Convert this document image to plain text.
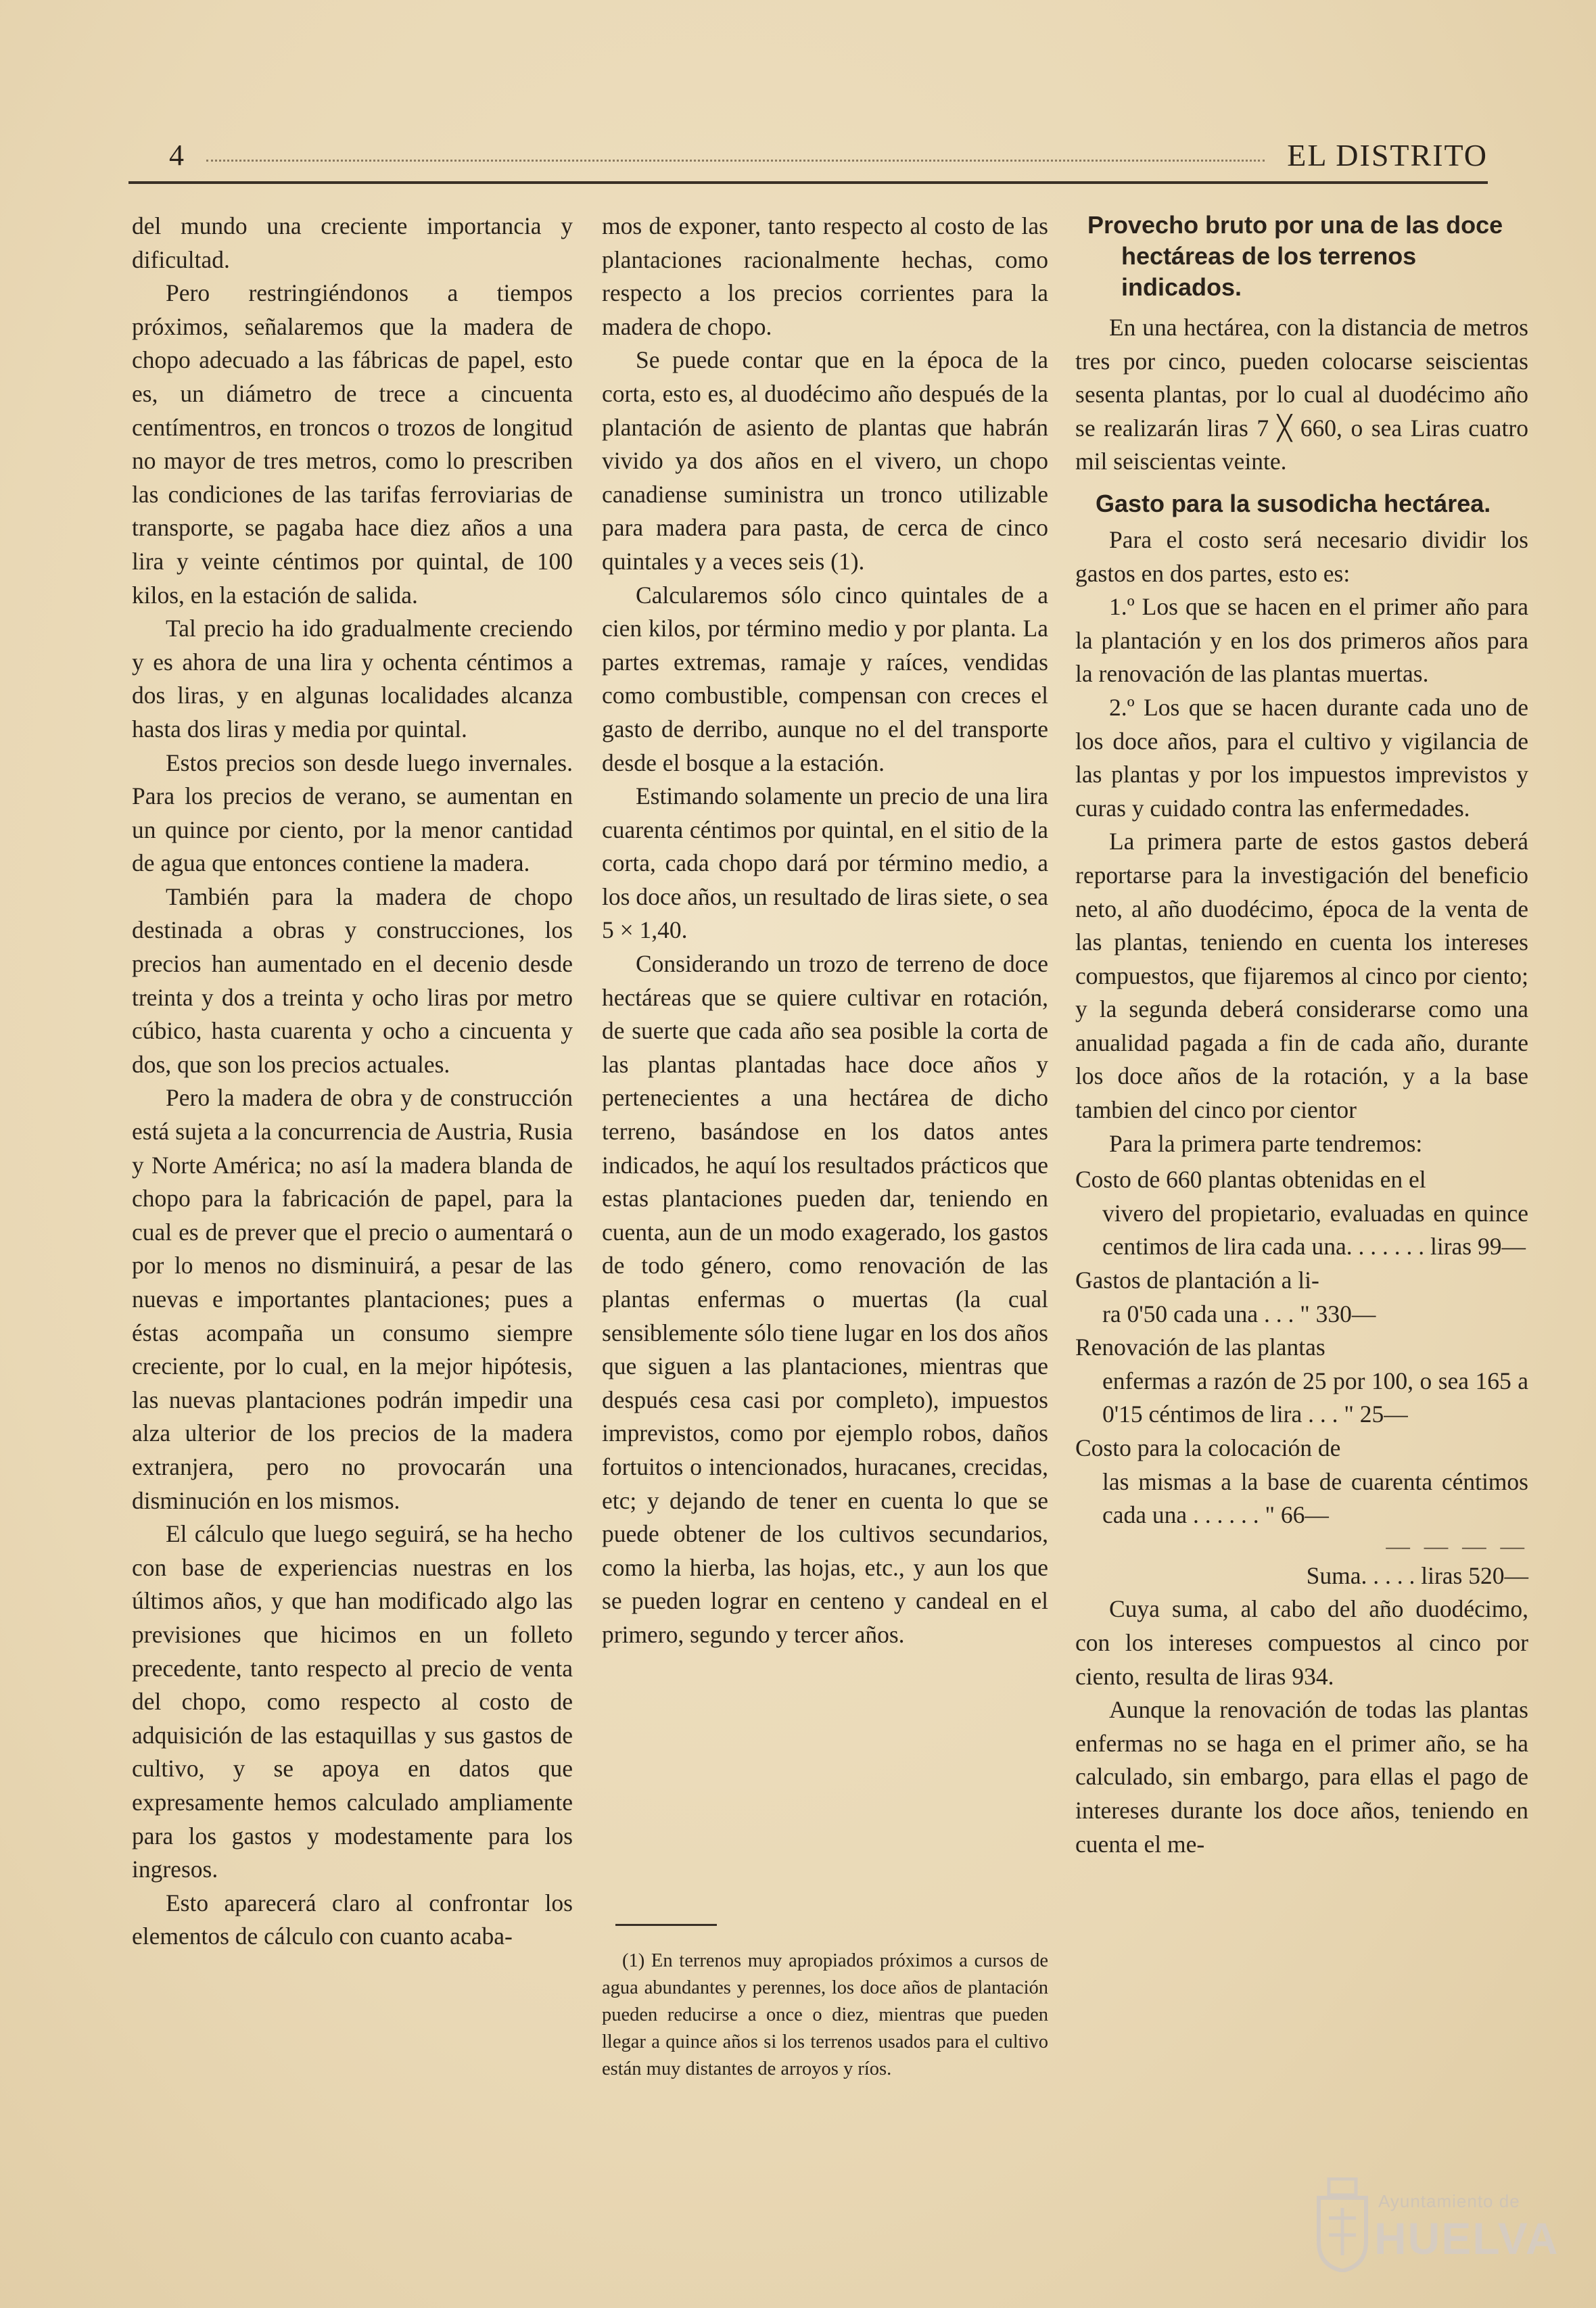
4	EL DISTRITO

del mundo una creciente importancia y dificultad.

Pero restringiéndonos a tiempos próximos, señalaremos que la madera de chopo adecuado a las fábricas de papel, esto es, un diámetro de trece a cincuenta centímentros, en troncos o trozos de longitud no mayor de tres metros, como lo prescriben las condiciones de las tarifas ferroviarias de transporte, se pagaba hace diez años a una lira y veinte céntimos por quintal, de 100 kilos, en la estación de salida.

Tal precio ha ido gradualmente creciendo y es ahora de una lira y ochenta céntimos a dos liras, y en algunas localidades alcanza hasta dos liras y media por quintal.

Estos precios son desde luego invernales. Para los precios de verano, se aumentan en un quince por ciento, por la menor cantidad de agua que entonces contiene la madera.

También para la madera de chopo destinada a obras y construcciones, los precios han aumentado en el decenio desde treinta y dos a treinta y ocho liras por metro cúbico, hasta cuarenta y ocho a cincuenta y dos, que son los precios actuales.

Pero la madera de obra y de construcción está sujeta a la concurrencia de Austria, Rusia y Norte América; no así la madera blanda de chopo para la fabricación de papel, para la cual es de prever que el precio o aumentará o por lo menos no disminuirá, a pesar de las nuevas e importantes plantaciones; pues a éstas acompaña un consumo siempre creciente, por lo cual, en la mejor hipótesis, las nuevas plantaciones podrán impedir una alza ulterior de los precios de la madera extranjera, pero no provocarán una disminución en los mismos.

El cálculo que luego seguirá, se ha hecho con base de experiencias nuestras en los últimos años, y que han modificado algo las previsiones que hicimos en un folleto precedente, tanto respecto al precio de venta del chopo, como respecto al costo de adquisición de las estaquillas y sus gastos de cultivo, y se apoya en datos que expresamente hemos calculado ampliamente para los gastos y modestamente para los ingresos.

Esto aparecerá claro al confrontar los elementos de cálculo con cuanto acaba-

mos de exponer, tanto respecto al costo de las plantaciones racionalmente hechas, como respecto a los precios corrientes para la madera de chopo.

Se puede contar que en la época de la corta, esto es, al duodécimo año después de la plantación de asiento de plantas que habrán vivido ya dos años en el vivero, un chopo canadiense suministra un tronco utilizable para madera para pasta, de cerca de cinco quintales y a veces seis (1).

Calcularemos sólo cinco quintales de a cien kilos, por término medio y por planta. La partes extremas, ramaje y raíces, vendidas como combustible, compensan con creces el gasto de derribo, aunque no el del transporte desde el bosque a la estación.

Estimando solamente un precio de una lira cuarenta céntimos por quintal, en el sitio de la corta, cada chopo dará por término medio, a los doce años, un resultado de liras siete, o sea 5 × 1,40.

Considerando un trozo de terreno de doce hectáreas que se quiere cultivar en rotación, de suerte que cada año sea posible la corta de las plantas plantadas hace doce años y pertenecientes a una hectárea de dicho terreno, basándose en los datos antes indicados, he aquí los resultados prácticos que estas plantaciones pueden dar, teniendo en cuenta, aun de un modo exagerado, los gastos de todo género, como renovación de las plantas enfermas o muertas (la cual sensiblemente sólo tiene lugar en los dos años que siguen a las plantaciones, mientras que después cesa casi por completo), impuestos imprevistos, como por ejemplo robos, daños fortuitos o intencionados, huracanes, crecidas, etc; y dejando de tener en cuenta lo que se puede obtener de los cultivos secundarios, como la hierba, las hojas, etc., y aun los que se pueden lograr en centeno y candeal en el primero, segundo y tercer años.

(1) En terrenos muy apropiados próximos a cursos de agua abundantes y perennes, los doce años de plantación pueden reducirse a once o diez, mientras que pueden llegar a quince años si los terrenos usados para el cultivo están muy distantes de arroyos y ríos.

Provecho bruto por una de las doce
hectáreas de los terrenos indicados.

En una hectárea, con la distancia de metros tres por cinco, pueden colocarse seiscientas sesenta plantas, por lo cual al duodécimo año se realizarán liras 7 ╳ 660, o sea Liras cuatro mil seiscientas veinte.

Gasto para la susodicha hectárea.

Para el costo será necesario dividir los gastos en dos partes, esto es:

1.º Los que se hacen en el primer año para la plantación y en los dos primeros años para la renovación de las plantas muertas.

2.º Los que se hacen durante cada uno de los doce años, para el cultivo y vigilancia de las plantas y por los impuestos imprevistos y curas y cuidado contra las enfermedades.

La primera parte de estos gastos deberá reportarse para la investigación del beneficio neto, al año duodécimo, época de la venta de las plantas, teniendo en cuenta los intereses compuestos, que fijaremos al cinco por ciento; y la segunda deberá considerarse como una anualidad pagada a fin de cada año, durante los doce años de la rotación, y a la base tambien del cinco por cientor

Para la primera parte tendremos:

Costo de 660 plantas obtenidas en el
vivero del propietario, evaluadas en quince centimos de lira cada una. . . . . . . liras 99—
Gastos de plantación a li-
ra 0'50 cada una . . . " 330—
Renovación de las plantas
enfermas a razón de 25 por 100, o sea 165 a 0'15 céntimos de lira . . . " 25—
Costo para la colocación de
las mismas a la base de cuarenta céntimos cada una . . . . . . " 66—
— — — —
Suma. . . . . liras 520—

Cuya suma, al cabo del año duodécimo, con los intereses compuestos al cinco por ciento, resulta de liras 934.

Aunque la renovación de todas las plantas enfermas no se haga en el primer año, se ha calculado, sin embargo, para ellas el pago de intereses durante los doce años, teniendo en cuenta el me-

Ayuntamiento de
HUELVA
